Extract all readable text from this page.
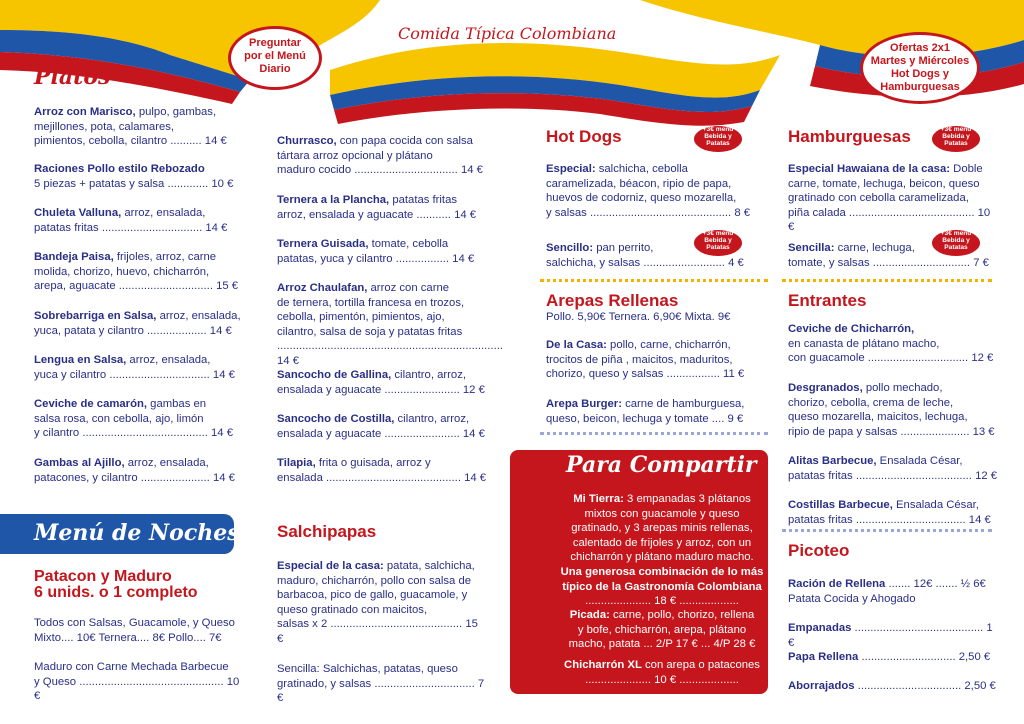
Comida Típica Colombiana
Preguntar
por el Menú
Diario
Ofertas 2x1
Martes y Miércoles
Hot Dogs y
Hamburguesas
Platos
Arroz con Marisco, pulpo, gambas,
mejillones, pota, calamares,
pimientos, cebolla, cilantro .......... 14 €
Raciones Pollo estilo Rebozado
5 piezas + patatas y salsa ............. 10 €
Chuleta Valluna, arroz, ensalada,
patatas fritas ................................ 14 €
Bandeja Paisa, frijoles, arroz, carne
molida, chorizo, huevo, chicharrón,
arepa, aguacate .............................. 15 €
Sobrebarriga en Salsa, arroz, ensalada,
yuca, patata y cilantro ................... 14 €
Lengua en Salsa, arroz, ensalada,
yuca y cilantro ................................ 14 €
Ceviche de camarón, gambas en
salsa rosa, con cebolla, ajo, limón
y cilantro ........................................ 14 €
Gambas al Ajillo, arroz, ensalada,
patacones, y cilantro ...................... 14 €
Churrasco, con papa cocida con salsa
tártara arroz opcional y plátano
maduro cocido ................................. 14 €
Ternera a la Plancha, patatas fritas
arroz, ensalada y aguacate ........... 14 €
Ternera Guisada, tomate, cebolla
patatas, yuca y cilantro ................. 14 €
Arroz Chaulafan, arroz con carne
de ternera, tortilla francesa en trozos,
cebolla, pimentón, pimientos, ajo,
cilantro, salsa de soja y patatas fritas
........................................................................ 14 €
Sancocho de Gallina, cilantro, arroz,
ensalada y aguacate ........................ 12 €
Sancocho de Costilla, cilantro, arroz,
ensalada y aguacate ........................ 14 €
Tilapia, frita o guisada, arroz y
ensalada ........................................... 14 €
Menú de Noches
Patacon y Maduro
6 unids. o 1 completo
Todos con Salsas, Guacamole, y Queso
Mixto.... 10€ Ternera.... 8€ Pollo.... 7€
Maduro con Carne Mechada Barbecue
y Queso .............................................. 10 €
Salchipapas
Especial de la casa: patata, salchicha,
maduro, chicharrón, pollo con salsa de
barbacoa, pico de gallo, guacamole, y
queso gratinado con maicitos,
salsas x 2 .......................................... 15 €
Sencilla: Salchichas, patatas, queso
gratinado, y salsas ................................ 7 €
Hot Dogs
Especial: salchicha, cebolla
caramelizada, béacon, ripio de papa,
huevos de codorniz, queso mozarella,
y salsas ............................................. 8 €
Sencillo: pan perrito,
salchicha, y salsas .......................... 4 €
+3€ menú
Bebida y
Patatas
+3€ menú
Bebida y
Patatas
+3€ menú
Bebida y
Patatas
+3€ menú
Bebida y
Patatas
Arepas Rellenas
Pollo. 5,90€ Ternera. 6,90€ Mixta. 9€
De la Casa: pollo, carne, chicharrón,
trocitos de piña , maicitos, maduritos,
chorizo, queso y salsas ................. 11 €
Arepa Burger: carne de hamburguesa,
queso, beicon, lechuga y tomate .... 9 €
Para Compartir
Mi Tierra: 3 empanadas 3 plátanos
mixtos con guacamole y queso
gratinado, y 3 arepas minis rellenas,
calentado de frijoles y arroz, con un
chicharrón y plátano maduro macho.
Una generosa combinación de lo más
típico de la Gastronomía Colombiana
..................... 18 € ...................
Picada: carne, pollo, chorizo, rellena
y bofe, chicharrón, arepa, plátano
macho, patata ... 2/P 17 € ... 4/P 28 €
Chicharrón XL con arepa o patacones
..................... 10 € ...................
Hamburguesas
Especial Hawaiana de la casa: Doble
carne, tomate, lechuga, beicon, queso
gratinado con cebolla caramelizada,
piña calada ........................................ 10 €
Sencilla: carne, lechuga,
tomate, y salsas ............................... 7 €
Entrantes
Ceviche de Chicharrón,
en canasta de plátano macho,
con guacamole ................................ 12 €
Desgranados, pollo mechado,
chorizo, cebolla, crema de leche,
queso mozarella, maicitos, lechuga,
ripio de papa y salsas ...................... 13 €
Alitas Barbecue, Ensalada César,
patatas fritas ..................................... 12 €
Costillas Barbecue, Ensalada César,
patatas fritas ................................... 14 €
Picoteo
Ración de Rellena ....... 12€ ....... ½ 6€
Patata Cocida y Ahogado
Empanadas ......................................... 1 €
Papa Rellena .............................. 2,50 €
Aborrajados ................................. 2,50 €
